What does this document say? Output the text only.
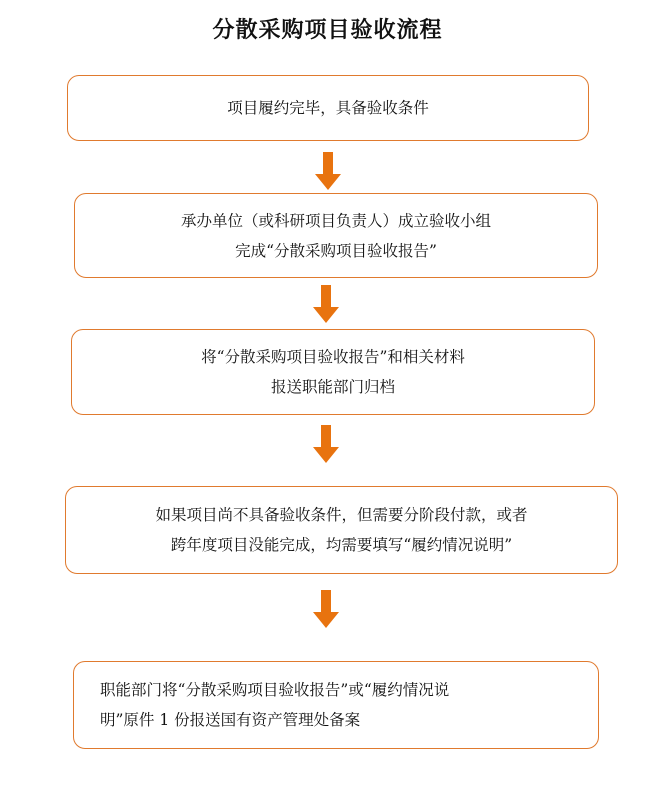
分散采购项目验收流程
项目履约完毕，具备验收条件
承办单位（或科研项目负责人）成立验收小组
完成“分散采购项目验收报告”
将“分散采购项目验收报告”和相关材料
报送职能部门归档
如果项目尚不具备验收条件，但需要分阶段付款，或者
跨年度项目没能完成，均需要填写“履约情况说明”
职能部门将“分散采购项目验收报告”或“履约情况说
明”原件 1 份报送国有资产管理处备案
